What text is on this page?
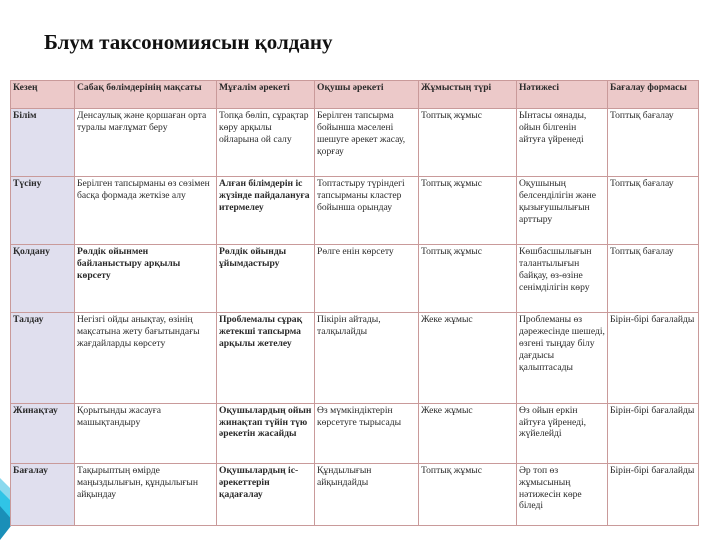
Блум таксономиясын қолдану
Кезең	Сабақ бөлімдерінің мақсаты	Мұғалім әрекеті	Оқушы әрекеті	Жұмыстың түрі	Нәтижесі	Бағалау формасы
Білім	Денсаулық және қоршаған орта туралы мағлұмат беру	Топқа бөліп, сұрақтар көру арқылы ойларына ой салу	Берілген тапсырма бойынша мәселені шешуге әрекет жасау, қорғау	Топтық жұмыс	Ынтасы оянады, ойын білгенін айтуға үйренеді	Топтық бағалау
Түсіну	Берілген тапсырманы өз сөзімен басқа формада жеткізе алу	Алған білімдерін іс жүзінде пайдалануға итермелеу	Топтастыру түріндегі тапсырманы кластер бойынша орындау	Топтық жұмыс	Оқушының белсенділігін және қызығушылығын арттыру	Топтық бағалау
Қолдану	Рөлдік ойынмен байланыстыру арқылы көрсету	Рөлдік ойынды ұйымдастыру	Рөлге енін көрсету	Топтық жұмыс	Көшбасшылығын талантылығын байқау, өз-өзіне сенімділігін көру	Топтық бағалау
Талдау	Негізгі ойды анықтау, өзінің мақсатына жету бағытындағы жағдайларды көрсету	Проблемалы сұрақ жетекші тапсырма арқылы жетелеу	Пікірін айтады, талқылайды	Жеке жұмыс	Проблеманы өз дәрежесінде шешеді, өзгені тыңдау білу дағдысы қалыптасады	Бірін-бірі бағалайды
Жинақтау	Қорытынды жасауға машықтандыру	Оқушылардың ойын жинақтап түйін түю әрекетін жасайды	Өз мүмкіндіктерін көрсетуге тырысады	Жеке жұмыс	Өз ойын еркін айтуға үйренеді, жүйелейді	Бірін-бірі бағалайды
Бағалау	Тақырыптың өмірде маңыздылығын, құндылығын айқындау	Оқушылардың іс-әрекеттерін қадағалау	Құндылығын айқындайды	Топтық жұмыс	Әр топ өз жұмысының нәтижесін көре біледі	Бірін-бірі бағалайды
